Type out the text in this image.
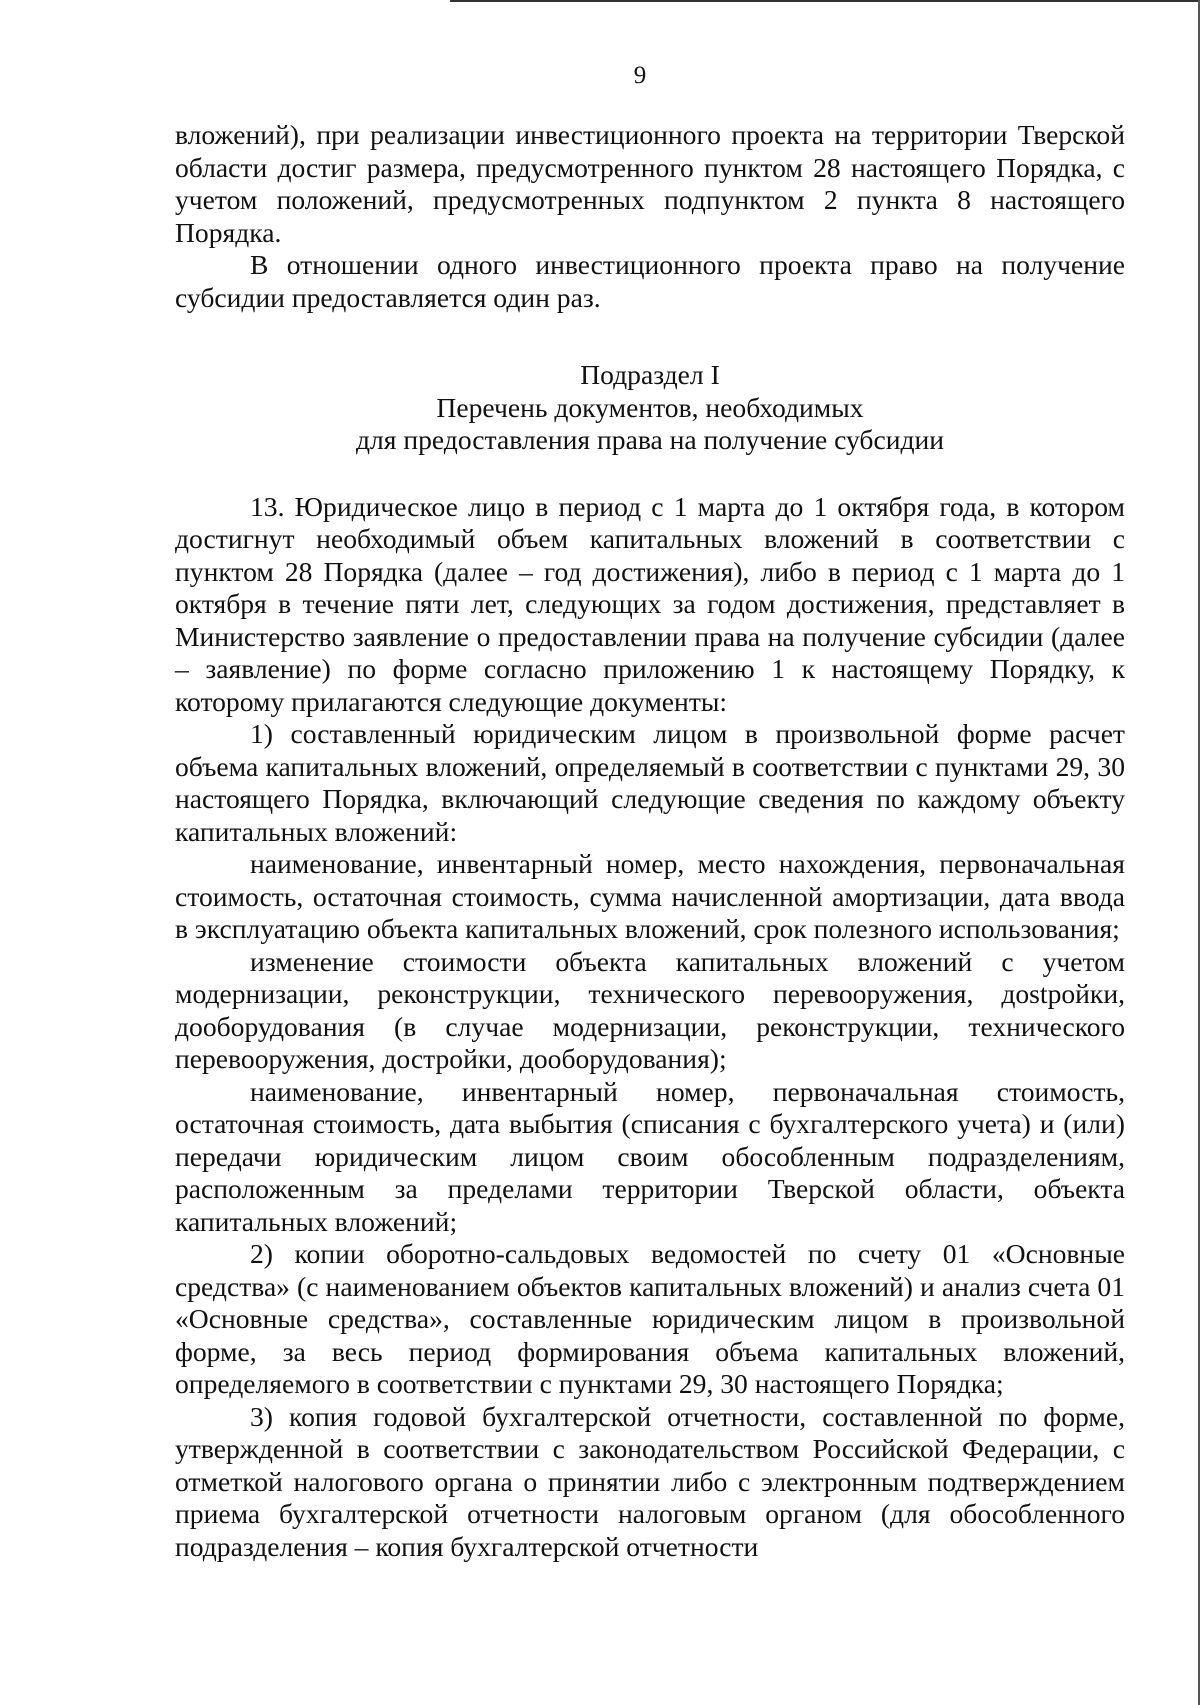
9

вложений), при реализации инвестиционного проекта на территории Тверской области достиг размера, предусмотренного пунктом 28 настоящего Порядка, с учетом положений, предусмотренных подпунктом 2 пункта 8 настоящего Порядка.

В отношении одного инвестиционного проекта право на получение субсидии предоставляется один раз.

Подраздел I
Перечень документов, необходимых
для предоставления права на получение субсидии

13. Юридическое лицо в период с 1 марта до 1 октября года, в котором достигнут необходимый объем капитальных вложений в соответствии с пунктом 28 Порядка (далее – год достижения), либо в период с 1 марта до 1 октября в течение пяти лет, следующих за годом достижения, представляет в Министерство заявление о предоставлении права на получение субсидии (далее – заявление) по форме согласно приложению 1 к настоящему Порядку, к которому прилагаются следующие документы:

1) составленный юридическим лицом в произвольной форме расчет объема капитальных вложений, определяемый в соответствии с пунктами 29, 30 настоящего Порядка, включающий следующие сведения по каждому объекту капитальных вложений:

наименование, инвентарный номер, место нахождения, первоначальная стоимость, остаточная стоимость, сумма начисленной амортизации, дата ввода в эксплуатацию объекта капитальных вложений, срок полезного использования;

изменение стоимости объекта капитальных вложений с учетом модернизации, реконструкции, технического перевооружения, дostройки, дооборудования (в случае модернизации, реконструкции, технического перевооружения, достройки, дооборудования);

наименование, инвентарный номер, первоначальная стоимость, остаточная стоимость, дата выбытия (списания с бухгалтерского учета) и (или) передачи юридическим лицом своим обособленным подразделениям, расположенным за пределами территории Тверской области, объекта капитальных вложений;

2) копии оборотно-сальдовых ведомостей по счету 01 «Основные средства» (с наименованием объектов капитальных вложений) и анализ счета 01 «Основные средства», составленные юридическим лицом в произвольной форме, за весь период формирования объема капитальных вложений, определяемого в соответствии с пунктами 29, 30 настоящего Порядка;

3) копия годовой бухгалтерской отчетности, составленной по форме, утвержденной в соответствии с законодательством Российской Федерации, с отметкой налогового органа о принятии либо с электронным подтверждением приема бухгалтерской отчетности налоговым органом (для обособленного подразделения – копия бухгалтерской отчетности
